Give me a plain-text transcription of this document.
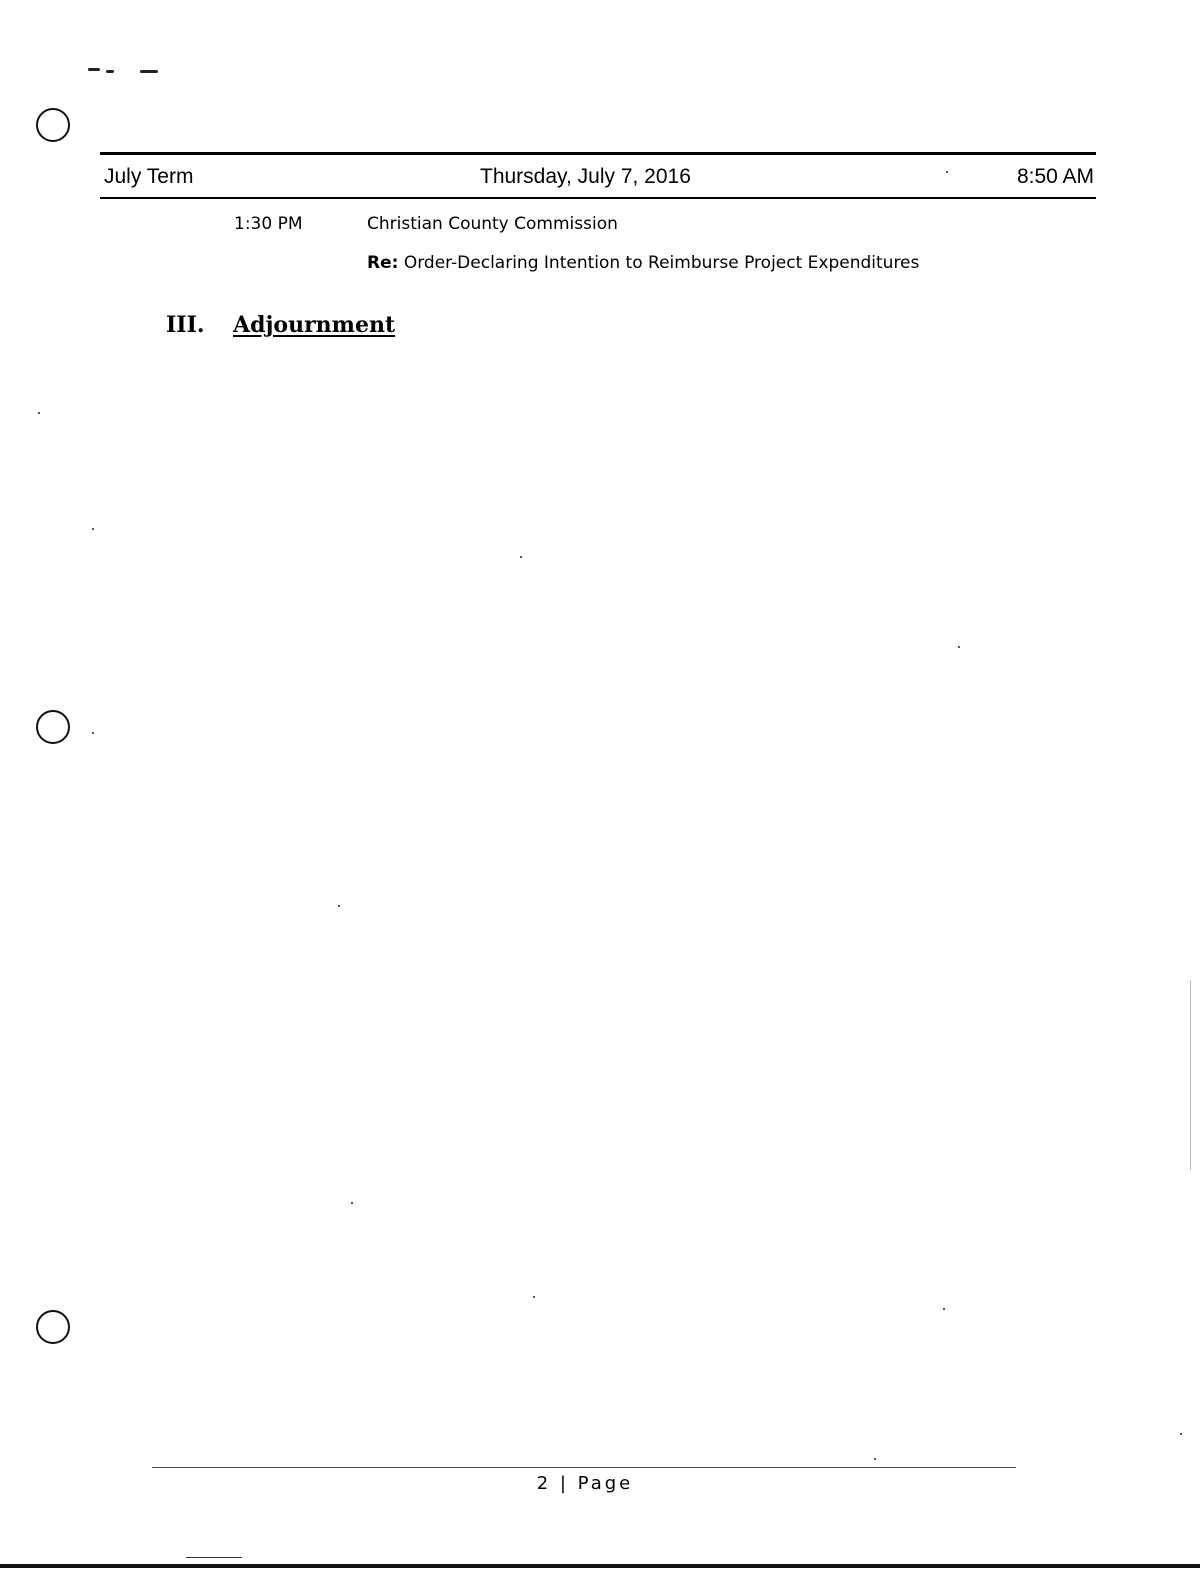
July Term	Thursday, July 7, 2016	8:50 AM
1:30 PM	Christian County Commission
Re: Order-Declaring Intention to Reimburse Project Expenditures
III. Adjournment
2 | Page
